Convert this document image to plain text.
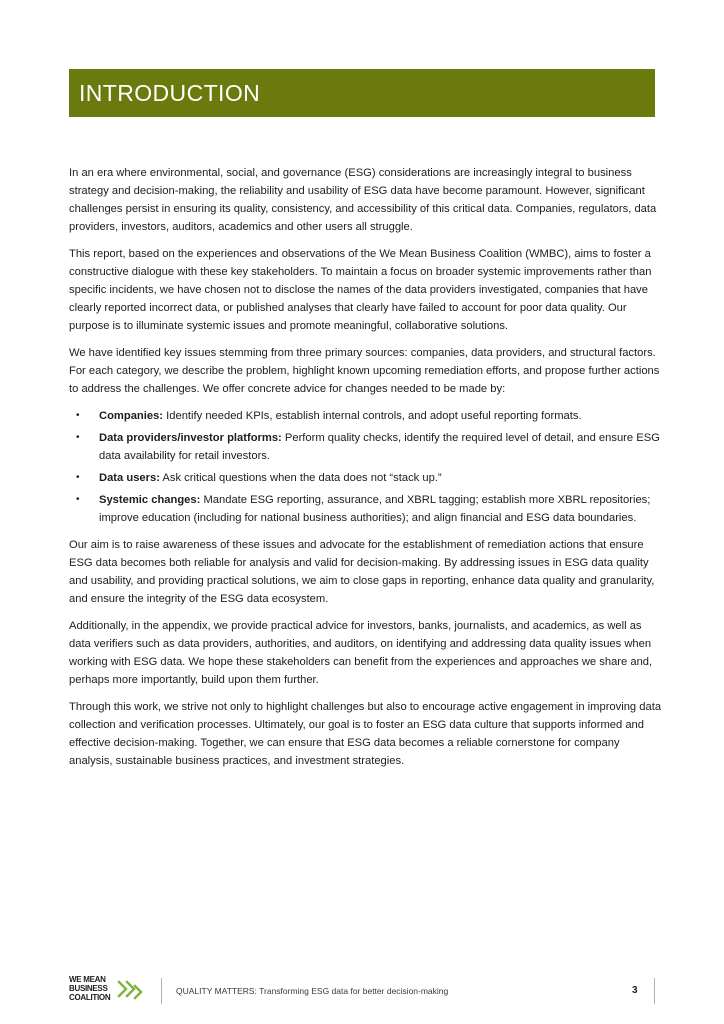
INTRODUCTION

In an era where environmental, social, and governance (ESG) considerations are increasingly integral to business strategy and decision-making, the reliability and usability of ESG data have become paramount. However, significant challenges persist in ensuring its quality, consistency, and accessibility of this critical data. Companies, regulators, data providers, investors, auditors, academics and other users all struggle.

This report, based on the experiences and observations of the We Mean Business Coalition (WMBC), aims to foster a constructive dialogue with these key stakeholders. To maintain a focus on broader systemic improvements rather than specific incidents, we have chosen not to disclose the names of the data providers investigated, companies that have clearly reported incorrect data, or published analyses that clearly have failed to account for poor data quality. Our purpose is to illuminate systemic issues and promote meaningful, collaborative solutions.

We have identified key issues stemming from three primary sources: companies, data providers, and structural factors. For each category, we describe the problem, highlight known upcoming remediation efforts, and propose further actions to address the challenges. We offer concrete advice for changes needed to be made by:

• Companies: Identify needed KPIs, establish internal controls, and adopt useful reporting formats.
• Data providers/investor platforms: Perform quality checks, identify the required level of detail, and ensure ESG data availability for retail investors.
• Data users: Ask critical questions when the data does not “stack up.”
• Systemic changes: Mandate ESG reporting, assurance, and XBRL tagging; establish more XBRL repositories; improve education (including for national business authorities); and align financial and ESG data boundaries.

Our aim is to raise awareness of these issues and advocate for the establishment of remediation actions that ensure ESG data becomes both reliable for analysis and valid for decision-making. By addressing issues in ESG data quality and usability, and providing practical solutions, we aim to close gaps in reporting, enhance data quality and granularity, and ensure the integrity of the ESG data ecosystem.

Additionally, in the appendix, we provide practical advice for investors, banks, journalists, and academics, as well as data verifiers such as data providers, authorities, and auditors, on identifying and addressing data quality issues when working with ESG data. We hope these stakeholders can benefit from the experiences and approaches we share and, perhaps more importantly, build upon them further.

Through this work, we strive not only to highlight challenges but also to encourage active engagement in improving data collection and verification processes. Ultimately, our goal is to foster an ESG data culture that supports informed and effective decision-making. Together, we can ensure that ESG data becomes a reliable cornerstone for company analysis, sustainable business practices, and investment strategies.

WE MEAN
BUSINESS
COALITION
QUALITY MATTERS: Transforming ESG data for better decision-making	3
